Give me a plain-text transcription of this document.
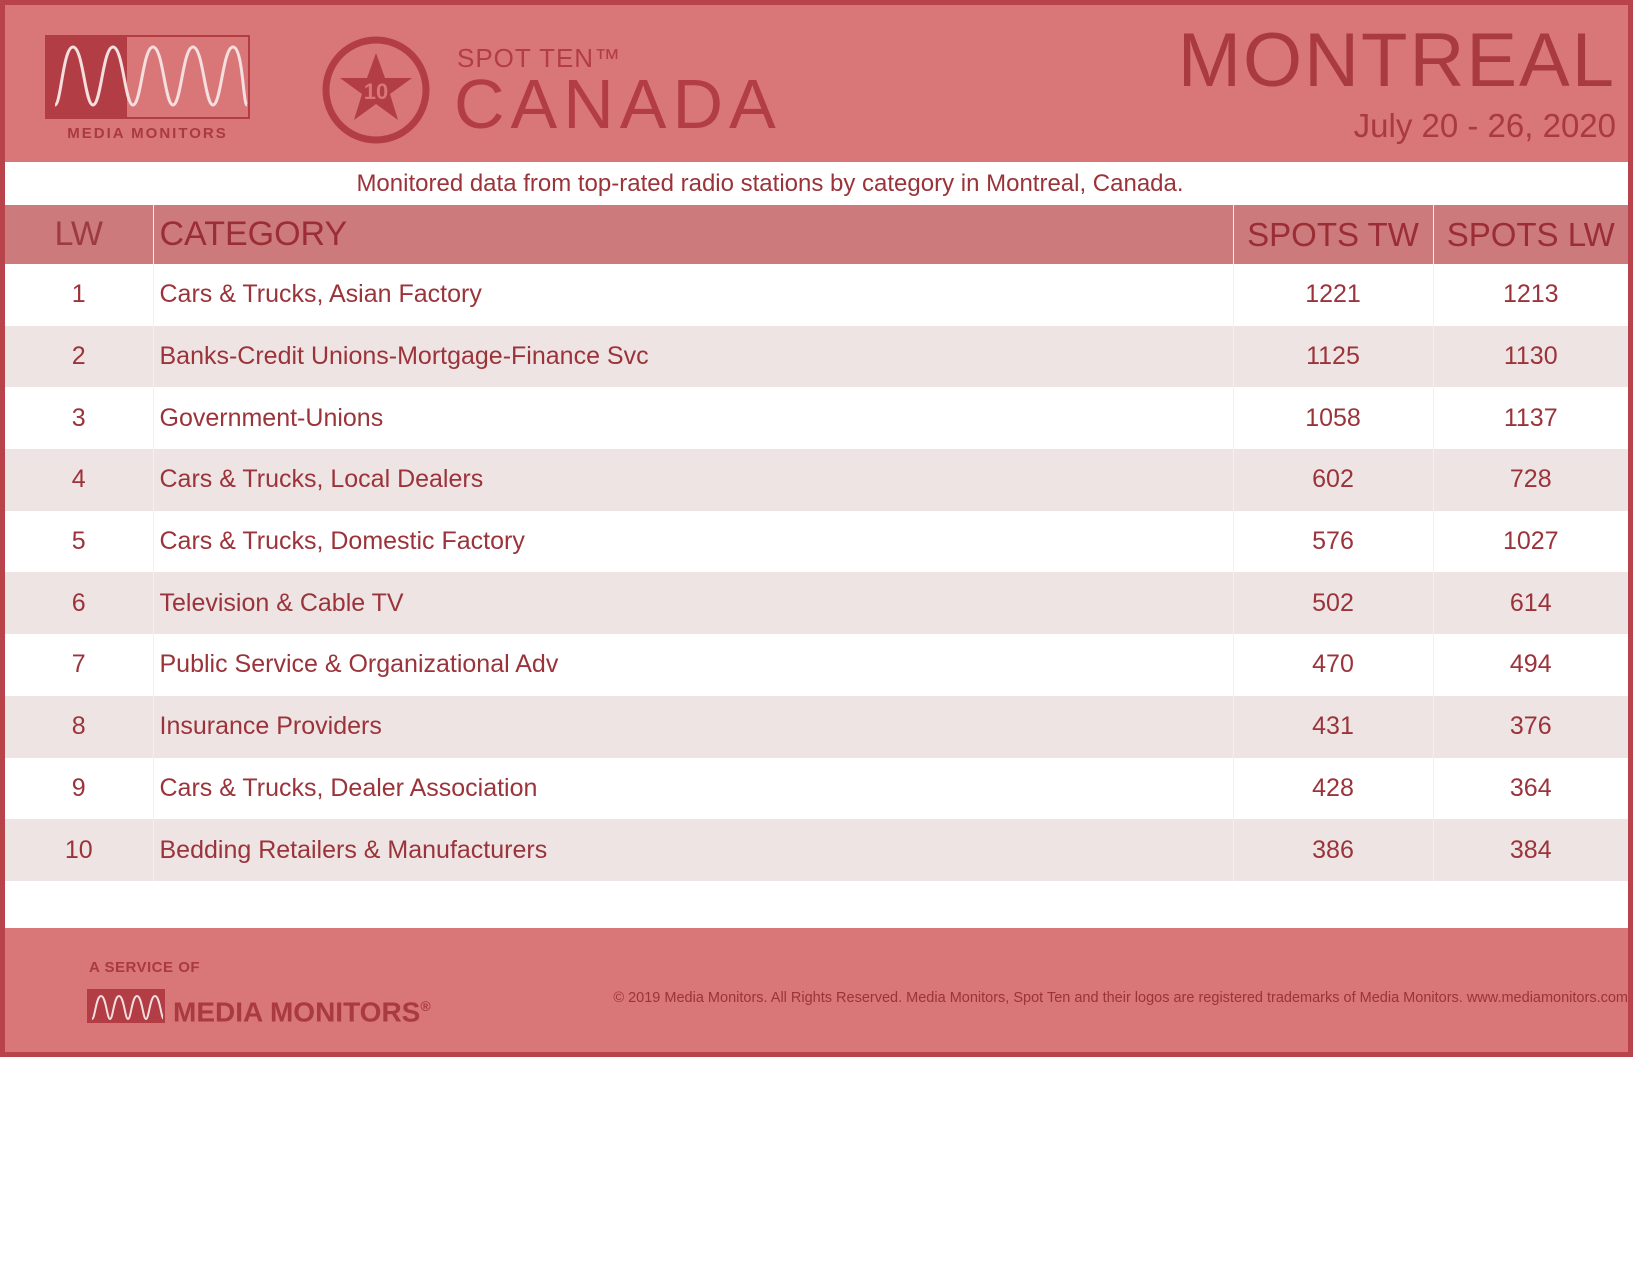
MEDIA MONITORS
10
SPOT TEN™
CANADA
MONTREAL
July 20 - 26, 2020
Monitored data from top-rated radio stations by category in Montreal, Canada.
LW	CATEGORY	SPOTS TW	SPOTS LW
1	Cars & Trucks, Asian Factory	1221	1213
2	Banks-Credit Unions-Mortgage-Finance Svc	1125	1130
3	Government-Unions	1058	1137
4	Cars & Trucks, Local Dealers	602	728
5	Cars & Trucks, Domestic Factory	576	1027
6	Television & Cable TV	502	614
7	Public Service & Organizational Adv	470	494
8	Insurance Providers	431	376
9	Cars & Trucks, Dealer Association	428	364
10	Bedding Retailers & Manufacturers	386	384
A SERVICE OF
MEDIA MONITORS®	© 2019 Media Monitors. All Rights Reserved. Media Monitors, Spot Ten and their logos are registered trademarks of Media Monitors. www.mediamonitors.com
